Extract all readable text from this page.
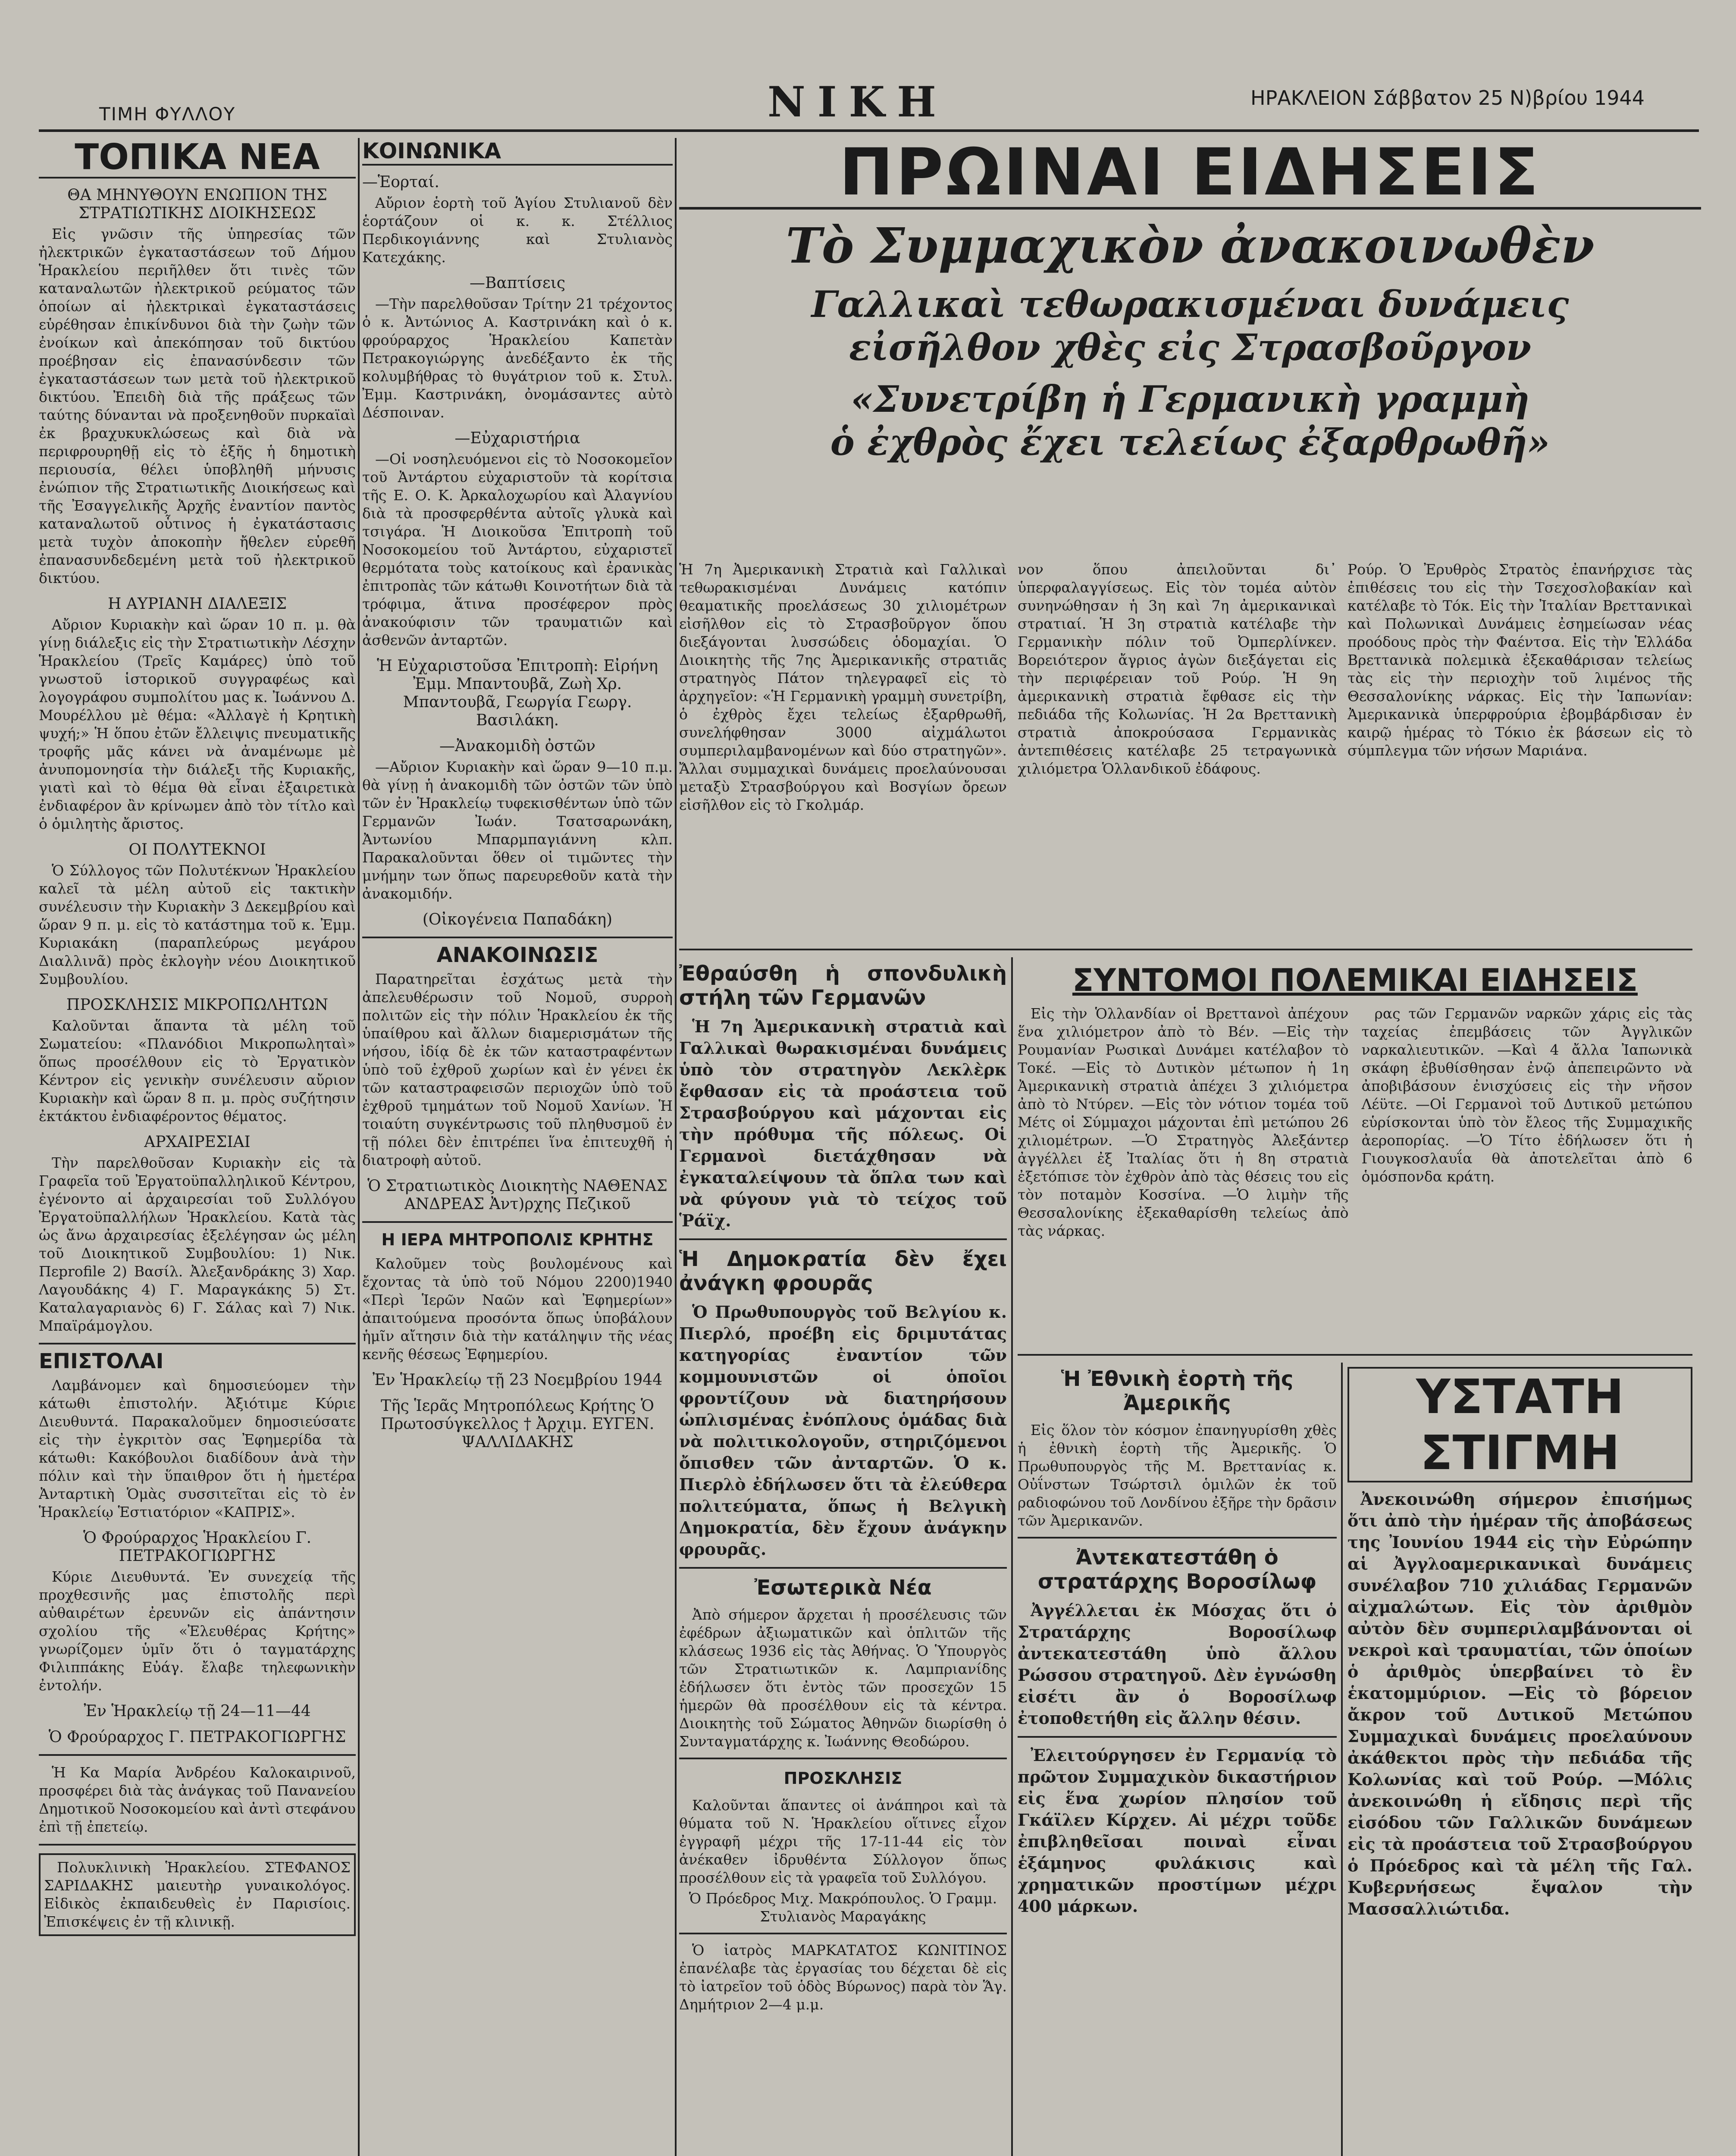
ΤΙΜΗ ΦΥΛΛΟΥ	ΝΙΚΗ	ΗΡΑΚΛΕΙΟΝ Σάββατον 25 Ν)βρίου 1944
ΤΟΠΙΚΑ ΝΕΑ
ΘΑ ΜΗΝΥΘΟΥΝ ΕΝΩΠΙΟΝ ΤΗΣ ΣΤΡΑΤΙΩΤΙΚΗΣ ΔΙΟΙΚΗΣΕΩΣ

Εἰς γνῶσιν τῆς ὑπηρεσίας τῶν ἠλεκτρικῶν ἐγκαταστάσεων τοῦ Δήμου Ἡρακλείου περιῆλθεν ὅτι τινὲς τῶν καταναλωτῶν ἠλεκτρικοῦ ρεύματος τῶν ὁποίων αἱ ἠλεκτρικαὶ ἐγκαταστάσεις εὑρέθησαν ἐπικίνδυνοι διὰ τὴν ζωὴν τῶν ἐνοίκων καὶ ἀπεκόπησαν τοῦ δικτύου προέβησαν εἰς ἐπανασύνδεσιν τῶν ἐγκαταστάσεων των μετὰ τοῦ ἠλεκτρικοῦ δικτύου. Ἐπειδὴ διὰ τῆς πράξεως τῶν ταύτης δύνανται νὰ προξενηθοῦν πυρκαϊαὶ ἐκ βραχυκυκλώσεως καὶ διὰ νὰ περιφρουρηθῇ εἰς τὸ ἑξῆς ἡ δημοτικὴ περιουσία, θέλει ὑποβληθῆ μήνυσις ἐνώπιον τῆς Στρατιωτικῆς Διοικήσεως καὶ τῆς Ἐσαγγελικῆς Ἀρχῆς ἐναντίον παντὸς καταναλωτοῦ οὗτινος ἡ ἐγκατάστασις μετὰ τυχὸν ἀποκοπὴν ἤθελεν εὑρεθῆ ἐπανασυνδεδεμένη μετὰ τοῦ ἠλεκτρικοῦ δικτύου.

Η ΑΥΡΙΑΝΗ ΔΙΑΛΕΞΙΣ

Αὔριον Κυριακὴν καὶ ὥραν 10 π. μ. θὰ γίνῃ διάλεξις εἰς τὴν Στρατιωτικὴν Λέσχην Ἡρακλείου (Τρεῖς Καμάρες) ὑπὸ τοῦ γνωστοῦ ἱστορικοῦ συγγραφέως καὶ λογογράφου συμπολίτου μας κ. Ἰωάννου Δ. Μουρέλλου μὲ θέμα: «Ἀλλαγὲ ἡ Κρητικὴ ψυχή;» Ἡ ὅπου ἐτῶν ἔλλειψις πνευματικῆς τροφῆς μᾶς κάνει νὰ ἀναμένωμε μὲ ἀνυπομονησία τὴν διάλεξι τῆς Κυριακῆς, γιατὶ καὶ τὸ θέμα θὰ εἶναι ἐξαιρετικὰ ἐνδιαφέρον ἂν κρίνωμεν ἀπὸ τὸν τίτλο καὶ ὁ ὁμιλητὴς ἄριστος.

ΟΙ ΠΟΛΥΤΕΚΝΟΙ

Ὁ Σύλλογος τῶν Πολυτέκνων Ἡρακλείου καλεῖ τὰ μέλη αὐτοῦ εἰς τακτικὴν συνέλευσιν τὴν Κυριακὴν 3 Δεκεμβρίου καὶ ὥραν 9 π. μ. εἰς τὸ κατάστημα τοῦ κ. Ἐμμ. Κυριακάκη (παραπλεύρως μεγάρου Διαλλινᾶ) πρὸς ἐκλογὴν νέου Διοικητικοῦ Συμβουλίου.

ΠΡΟΣΚΛΗΣΙΣ ΜΙΚΡΟΠΩΛΗΤΩΝ

Καλοῦνται ἅπαντα τὰ μέλη τοῦ Σωματείου: «Πλανόδιοι Μικροπωληταὶ» ὅπως προσέλθουν εἰς τὸ Ἐργατικὸν Κέντρον εἰς γενικὴν συνέλευσιν αὔριον Κυριακὴν καὶ ὥραν 8 π. μ. πρὸς συζήτησιν ἐκτάκτου ἐνδιαφέροντος θέματος.

ΑΡΧΑΙΡΕΣΙΑΙ

Τὴν παρελθοῦσαν Κυριακὴν εἰς τὰ Γραφεῖα τοῦ Ἐργατοϋπαλληλικοῦ Κέντρου, ἐγένοντο αἱ ἀρχαιρεσίαι τοῦ Συλλόγου Ἐργατοϋπαλλήλων Ἡρακλείου. Κατὰ τὰς ὡς ἄνω ἀρχαιρεσίας ἐξελέγησαν ὡς μέλη τοῦ Διοικητικοῦ Συμβουλίου: 1) Νικ. Πεprofile 2) Βασίλ. Ἀλεξανδράκης 3) Χαρ. Λαγουδάκης 4) Γ. Μαραγκάκης 5) Στ. Καταλαγαριανὸς 6) Γ. Σάλας καὶ 7) Νικ. Μπαϊράμογλου.

ΕΠΙΣΤΟΛΑΙ

Λαμβάνομεν καὶ δημοσιεύομεν τὴν κάτωθι ἐπιστολήν. Ἀξιότιμε Κύριε Διευθυντά. Παρακαλοῦμεν δημοσιεύσατε εἰς τὴν ἐγκριτὸν σας Ἐφημερίδα τὰ κάτωθι: Κακόβουλοι διαδίδουν ἀνὰ τὴν πόλιν καὶ τὴν ὕπαιθρον ὅτι ἡ ἡμετέρα Ἀνταρτικὴ Ὁμὰς συσσιτεῖται εἰς τὸ ἐν Ἡρακλείῳ Ἑστιατόριον «ΚΑΠΡΙΣ».

Ὁ Φρούραρχος Ἡρακλείου Γ. ΠΕΤΡΑΚΟΓΙΩΡΓΗΣ

Κύριε Διευθυντά. Ἐν συνεχείᾳ τῆς προχθεσινῆς μας ἐπιστολῆς περὶ αὐθαιρέτων ἐρευνῶν εἰς ἀπάντησιν σχολίου τῆς «Ἐλευθέρας Κρήτης» γνωρίζομεν ὑμῖν ὅτι ὁ ταγματάρχης Φιλιππάκης Εὐάγ. ἔλαβε τηλεφωνικὴν ἐντολήν.

Ἐν Ἡρακλείῳ τῇ 24—11—44
Ὁ Φρούραρχος Γ. ΠΕΤΡΑΚΟΓΙΩΡΓΗΣ

Ἡ Κα Μαρία Ἀνδρέου Καλοκαιρινοῦ, προσφέρει διὰ τὰς ἀνάγκας τοῦ Πανανείου Δημοτικοῦ Νοσοκομείου καὶ ἀντὶ στεφάνου ἐπὶ τῇ ἐπετείῳ.

Πολυκλινικὴ Ἡρακλείου. ΣΤΕΦΑΝΟΣ ΣΑΡΙΔΑΚΗΣ μαιευτὴρ γυναικολόγος. Εἰδικὸς ἐκπαιδευθεὶς ἐν Παρισίοις. Ἐπισκέψεις ἐν τῇ κλινικῇ.

ΚΟΙΝΩΝΙΚΑ
—Ἑορταί.

Αὔριον ἑορτὴ τοῦ Ἁγίου Στυλιανοῦ δὲν ἑορτάζουν οἱ κ. κ. Στέλλιος Περδικογιάννης καὶ Στυλιανὸς Κατεχάκης.

—Βαπτίσεις

—Τὴν παρελθοῦσαν Τρίτην 21 τρέχοντος ὁ κ. Ἀντώνιος Α. Καστρινάκη καὶ ὁ κ. φρούραρχος Ἡρακλείου Καπετὰν Πετρακογιώργης ἀνεδέξαντο ἐκ τῆς κολυμβήθρας τὸ θυγάτριον τοῦ κ. Στυλ. Ἐμμ. Καστρινάκη, ὀνομάσαντες αὐτὸ Δέσποιναν.

—Εὐχαριστήρια

—Οἱ νοσηλευόμενοι εἰς τὸ Νοσοκομεῖον τοῦ Ἀντάρτου εὐχαριστοῦν τὰ κορίτσια τῆς Ε. Ο. Κ. Ἀρκαλοχωρίου καὶ Ἀλαγνίου διὰ τὰ προσφερθέντα αὐτοῖς γλυκὰ καὶ τσιγάρα. Ἡ Διοικοῦσα Ἐπιτροπὴ τοῦ Νοσοκομείου τοῦ Ἀντάρτου, εὐχαριστεῖ θερμότατα τοὺς κατοίκους καὶ ἐρανικὰς ἐπιτροπὰς τῶν κάτωθι Κοινοτήτων διὰ τὰ τρόφιμα, ἅτινα προσέφερον πρὸς ἀνακούφισιν τῶν τραυματιῶν καὶ ἀσθενῶν ἀνταρτῶν.

Ἡ Εὐχαριστοῦσα Ἐπιτροπὴ: Εἰρήνη Ἐμμ. Μπαντουβᾶ, Ζωὴ Χρ. Μπαντουβᾶ, Γεωργία Γεωργ. Βασιλάκη.
—Ἀνακομιδὴ ὀστῶν

—Αὔριον Κυριακὴν καὶ ὥραν 9—10 π.μ. θὰ γίνῃ ἡ ἀνακομιδὴ τῶν ὀστῶν τῶν ὑπὸ τῶν ἐν Ἡρακλείῳ τυφεκισθέντων ὑπὸ τῶν Γερμανῶν Ἰωάν. Τσατσαρωνάκη, Ἀντωνίου Μπαρμπαγιάννη κλπ. Παρακαλοῦνται ὅθεν οἱ τιμῶντες τὴν μνήμην των ὅπως παρευρεθοῦν κατὰ τὴν ἀνακομιδήν.

(Οἰκογένεια Παπαδάκη)
ΑΝΑΚΟΙΝΩΣΙΣ

Παρατηρεῖται ἐσχάτως μετὰ τὴν ἀπελευθέρωσιν τοῦ Νομοῦ, συρροὴ πολιτῶν εἰς τὴν πόλιν Ἡρακλείου ἐκ τῆς ὑπαίθρου καὶ ἄλλων διαμερισμάτων τῆς νήσου, ἰδίᾳ δὲ ἐκ τῶν καταστραφέντων ὑπὸ τοῦ ἐχθροῦ χωρίων καὶ ἐν γένει ἐκ τῶν καταστραφεισῶν περιοχῶν ὑπὸ τοῦ ἐχθροῦ τμημάτων τοῦ Νομοῦ Χανίων. Ἡ τοιαύτη συγκέντρωσις τοῦ πληθυσμοῦ ἐν τῇ πόλει δὲν ἐπιτρέπει ἵνα ἐπιτευχθῆ ἡ διατροφὴ αὐτοῦ.

Ὁ Στρατιωτικὸς Διοικητὴς ΝΑΘΕΝΑΣ ΑΝΔΡΕΑΣ Ἀντ)ρχης Πεζικοῦ
Η ΙΕΡΑ ΜΗΤΡΟΠΟΛΙΣ ΚΡΗΤΗΣ

Καλοῦμεν τοὺς βουλομένους καὶ ἔχοντας τὰ ὑπὸ τοῦ Νόμου 2200)1940 «Περὶ Ἱερῶν Ναῶν καὶ Ἐφημερίων» ἀπαιτούμενα προσόντα ὅπως ὑποβάλουν ἡμῖν αἴτησιν διὰ τὴν κατάληψιν τῆς νέας κενῆς θέσεως Ἐφημερίου.

Ἐν Ἡρακλείῳ τῇ 23 Νοεμβρίου 1944
Τῆς Ἱερᾶς Μητροπόλεως Κρήτης Ὁ Πρωτοσύγκελλος † Ἀρχιμ. ΕΥΓΕΝ. ΨΑΛΛΙΔΑΚΗΣ
ΠΡΩΙΝΑΙ ΕΙΔΗΣΕΙΣ
Τὸ Συμμαχικὸν ἀνακοινωθὲν
Γαλλικαὶ τεθωρακισμέναι δυνάμεις
εἰσῆλθον χθὲς εἰς Στρασβοῦργον
«Συνετρίβη ἡ Γερμανικὴ γραμμὴ
ὁ ἐχθρὸς ἔχει τελείως ἐξαρθρωθῆ»
Ἡ 7η Ἀμερικανικὴ Στρατιὰ καὶ Γαλλικαὶ τεθωρακισμέναι Δυνάμεις κατόπιν θεαματικῆς προελάσεως 30 χιλιομέτρων εἰσῆλθον εἰς τὸ Στρασβοῦργον ὅπου διεξάγονται λυσσώδεις ὁδομαχίαι. Ὁ Διοικητὴς τῆς 7ης Ἀμερικανικῆς στρατιᾶς στρατηγὸς Πάτον τηλεγραφεῖ εἰς τὸ ἀρχηγεῖον: «Ἡ Γερμανικὴ γραμμὴ συνετρίβη, ὁ ἐχθρὸς ἔχει τελείως ἐξαρθρωθῆ, συνελήφθησαν 3000 αἰχμάλωτοι συμπεριλαμβανομένων καὶ δύο στρατηγῶν». Ἄλλαι συμμαχικαὶ δυνάμεις προελαύνουσαι μεταξὺ Στρασβούργου καὶ Βοσγίων ὄρεων εἰσῆλθον εἰς τὸ Γκολμάρ.
νον ὅπου ἀπειλοῦνται δι᾽ ὑπερφαλαγγίσεως. Εἰς τὸν τομέα αὐτὸν συνηνώθησαν ἡ 3η καὶ 7η ἀμερικανικαὶ στρατιαί. Ἡ 3η στρατιὰ κατέλαβε τὴν Γερμανικὴν πόλιν τοῦ Ὀμπερλίνκεν. Βορειότερον ἄγριος ἀγὼν διεξάγεται εἰς τὴν περιφέρειαν τοῦ Ρούρ. Ἡ 9η ἀμερικανικὴ στρατιὰ ἔφθασε εἰς τὴν πεδιάδα τῆς Κολωνίας. Ἡ 2α Βρεττανικὴ στρατιὰ ἀποκρούσασα Γερμανικὰς ἀντεπιθέσεις κατέλαβε 25 τετραγωνικὰ χιλιόμετρα Ὁλλανδικοῦ ἐδάφους.
Ρούρ. Ὁ Ἐρυθρὸς Στρατὸς ἐπανήρχισε τὰς ἐπιθέσεις του εἰς τὴν Τσεχοσλοβακίαν καὶ κατέλαβε τὸ Τόκ. Εἰς τὴν Ἰταλίαν Βρεττανικαὶ καὶ Πολωνικαὶ Δυνάμεις ἐσημείωσαν νέας προόδους πρὸς τὴν Φαέντσα. Εἰς τὴν Ἑλλάδα Βρεττανικὰ πολεμικὰ ἐξεκαθάρισαν τελείως τὰς εἰς τὴν περιοχὴν τοῦ λιμένος τῆς Θεσσαλονίκης νάρκας. Εἰς τὴν Ἰαπωνίαν: Ἀμερικανικὰ ὑπερφρούρια ἐβομβάρδισαν ἐν καιρῷ ἡμέρας τὸ Τόκιο ἐκ βάσεων εἰς τὸ σύμπλεγμα τῶν νήσων Μαριάνα.
Ἐθραύσθη ἡ σπονδυλικὴ στήλη τῶν Γερμανῶν

Ἡ 7η Ἀμερικανικὴ στρατιὰ καὶ Γαλλικαὶ θωρακισμέναι δυνάμεις ὑπὸ τὸν στρατηγὸν Λεκλὲρκ ἔφθασαν εἰς τὰ προάστεια τοῦ Στρασβούργου καὶ μάχονται εἰς τὴν πρόθυμα τῆς πόλεως. Οἱ Γερμανοὶ διετάχθησαν νὰ ἐγκαταλείψουν τὰ ὅπλα των καὶ νὰ φύγουν γιὰ τὸ τείχος τοῦ Ῥάϊχ.

Ἡ Δημοκρατία δὲν ἔχει ἀνάγκη φρουρᾶς

Ὁ Πρωθυπουργὸς τοῦ Βελγίου κ. Πιερλό, προέβη εἰς δριμυτάτας κατηγορίας ἐναντίον τῶν κομμουνιστῶν οἱ ὁποῖοι φροντίζουν νὰ διατηρήσουν ὡπλισμένας ἐνόπλους ὁμάδας διὰ νὰ πολιτικολογοῦν, στηριζόμενοι ὄπισθεν τῶν ἀνταρτῶν. Ὁ κ. Πιερλὸ ἐδήλωσεν ὅτι τὰ ἐλεύθερα πολιτεύματα, ὅπως ἡ Βελγικὴ Δημοκρατία, δὲν ἔχουν ἀνάγκην φρουρᾶς.

Ἐσωτερικὰ Νέα

Ἀπὸ σήμερον ἄρχεται ἡ προσέλευσις τῶν ἐφέδρων ἀξιωματικῶν καὶ ὁπλιτῶν τῆς κλάσεως 1936 εἰς τὰς Ἀθήνας. Ὁ Ὑπουργὸς τῶν Στρατιωτικῶν κ. Λαμπριανίδης ἐδήλωσεν ὅτι ἐντὸς τῶν προσεχῶν 15 ἡμερῶν θὰ προσέλθουν εἰς τὰ κέντρα. Διοικητὴς τοῦ Σώματος Ἀθηνῶν διωρίσθη ὁ Συνταγματάρχης κ. Ἰωάννης Θεοδώρου.

ΠΡΟΣΚΛΗΣΙΣ

Καλοῦνται ἅπαντες οἱ ἀνάπηροι καὶ τὰ θύματα τοῦ Ν. Ἡρακλείου οἵτινες εἶχον ἐγγραφῆ μέχρι τῆς 17-11-44 εἰς τὸν ἀνέκαθεν ἰδρυθέντα Σύλλογον ὅπως προσέλθουν εἰς τὰ γραφεῖα τοῦ Συλλόγου.

Ὁ Πρόεδρος Μιχ. Μακρόπουλος. Ὁ Γραμμ. Στυλιανὸς Μαραγάκης

Ὁ ἰατρὸς ΜΑΡΚΑΤΑΤΟΣ ΚΩΝΙΤΙΝΟΣ ἐπανέλαβε τὰς ἐργασίας του δέχεται δὲ εἰς τὸ ἰατρεῖον τοῦ ὁδὸς Βύρωνος) παρὰ τὸν Ἅγ. Δημήτριον 2—4 μ.μ.

ΣΥΝΤΟΜΟΙ ΠΟΛΕΜΙΚΑΙ ΕΙΔΗΣΕΙΣ

Εἰς τὴν Ὁλλανδίαν οἱ Βρεττανοὶ ἀπέχουν ἕνα χιλιόμετρον ἀπὸ τὸ Βέν. —Εἰς τὴν Ρουμανίαν Ρωσικαὶ Δυνάμει κατέλαβον τὸ Τοκέ. —Εἰς τὸ Δυτικὸν μέτωπον ἡ 1η Ἀμερικανικὴ στρατιὰ ἀπέχει 3 χιλιόμετρα ἀπὸ τὸ Ντύρεν. —Εἰς τὸν νότιον τομέα τοῦ Μέτς οἱ Σύμμαχοι μάχονται ἐπὶ μετώπου 26 χιλιομέτρων. —Ὁ Στρατηγὸς Ἀλεξάντερ ἀγγέλλει ἐξ Ἰταλίας ὅτι ἡ 8η στρατιὰ ἐξετόπισε τὸν ἐχθρὸν ἀπὸ τὰς θέσεις του εἰς τὸν ποταμὸν Κοσσίνα. —Ὁ λιμὴν τῆς Θεσσαλονίκης ἐξεκαθαρίσθη τελείως ἀπὸ τὰς νάρκας.

ρας τῶν Γερμανῶν ναρκῶν χάρις εἰς τὰς ταχείας ἐπεμβάσεις τῶν Ἀγγλικῶν ναρκαλιευτικῶν. —Καὶ 4 ἄλλα Ἰαπωνικὰ σκάφη ἐβυθίσθησαν ἐνῷ ἀπεπειρῶντο νὰ ἀποβιβάσουν ἐνισχύσεις εἰς τὴν νῆσον Λέϋτε. —Οἱ Γερμανοὶ τοῦ Δυτικοῦ μετώπου εὑρίσκονται ὑπὸ τὸν ἔλεος τῆς Συμμαχικῆς ἀεροπορίας. —Ὁ Τίτο ἐδήλωσεν ὅτι ἡ Γιουγκοσλαυΐα θὰ ἀποτελεῖται ἀπὸ 6 ὁμόσπονδα κράτη.

Ἡ Ἐθνικὴ ἑορτὴ τῆς Ἀμερικῆς

Εἰς ὅλον τὸν κόσμον ἐπανηγυρίσθη χθὲς ἡ ἐθνικὴ ἑορτὴ τῆς Ἀμερικῆς. Ὁ Πρωθυπουργὸς τῆς Μ. Βρεττανίας κ. Οὐΐνστων Τσώρτσιλ ὁμιλῶν ἐκ τοῦ ραδιοφώνου τοῦ Λονδίνου ἐξῆρε τὴν δρᾶσιν τῶν Ἀμερικανῶν.

Ἀντεκατεστάθη ὁ στρατάρχης Βοροσίλωφ

Ἀγγέλλεται ἐκ Μόσχας ὅτι ὁ Στρατάρχης Βοροσίλωφ ἀντεκατεστάθη ὑπὸ ἄλλου Ρώσσου στρατηγοῦ. Δὲν ἐγνώσθη εἰσέτι ἂν ὁ Βοροσίλωφ ἐτοποθετήθη εἰς ἄλλην θέσιν.

Ἐλειτούργησεν ἐν Γερμανίᾳ τὸ πρῶτον Συμμαχικὸν δικαστήριον εἰς ἕνα χωρίον πλησίον τοῦ Γκάϊλεν Κίρχεν. Αἱ μέχρι τοῦδε ἐπιβληθεῖσαι ποιναὶ εἶναι ἑξάμηνος φυλάκισις καὶ χρηματικῶν προστίμων μέχρι 400 μάρκων.

ΥΣΤΑΤΗ ΣΤΙΓΜΗ

Ἀνεκοινώθη σήμερον ἐπισήμως ὅτι ἀπὸ τὴν ἡμέραν τῆς ἀποβάσεως της Ἰουνίου 1944 εἰς τὴν Εὐρώπην αἱ Ἀγγλοαμερικανικαὶ δυνάμεις συνέλαβον 710 χιλιάδας Γερμανῶν αἰχμαλώτων. Εἰς τὸν ἀριθμὸν αὐτὸν δὲν συμπεριλαμβάνονται οἱ νεκροὶ καὶ τραυματίαι, τῶν ὁποίων ὁ ἀριθμὸς ὑπερβαίνει τὸ ἓν ἑκατομμύριον. —Εἰς τὸ βόρειον ἄκρον τοῦ Δυτικοῦ Μετώπου Συμμαχικαὶ δυνάμεις προελαύνουν ἀκάθεκτοι πρὸς τὴν πεδιάδα τῆς Κολωνίας καὶ τοῦ Ρούρ. —Μόλις ἀνεκοινώθη ἡ εἴδησις περὶ τῆς εἰσόδου τῶν Γαλλικῶν δυνάμεων εἰς τὰ προάστεια τοῦ Στρασβούργου ὁ Πρόεδρος καὶ τὰ μέλη τῆς Γαλ. Κυβερνήσεως ἔψαλον τὴν Μασσαλλιώτιδα.
